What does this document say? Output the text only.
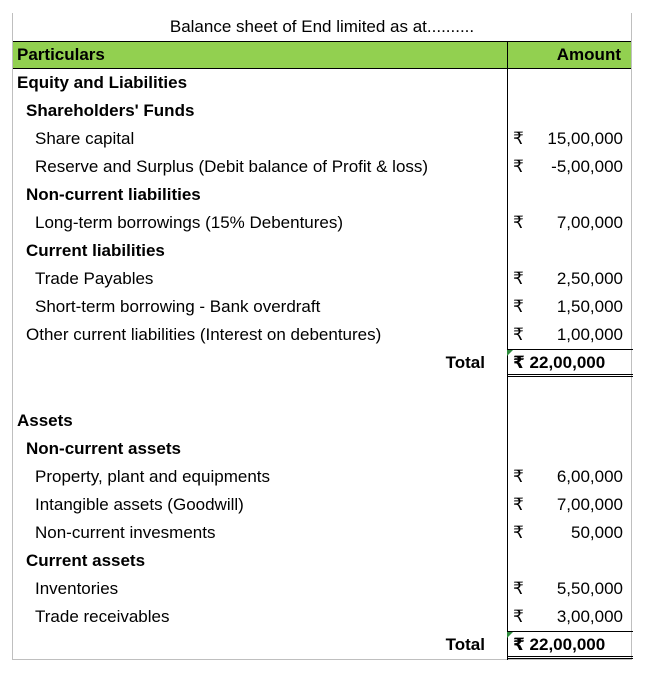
Balance sheet of End limited as at..........
Particulars	Amount
Equity and Liabilities
Shareholders' Funds
Share capital	₹ 15,00,000
Reserve and Surplus (Debit balance of Profit & loss)	₹ -5,00,000
Non-current liabilities
Long-term borrowings (15% Debentures)	₹ 7,00,000
Current liabilities
Trade Payables	₹ 2,50,000
Short-term borrowing - Bank overdraft	₹ 1,50,000
Other current liabilities (Interest on debentures)	₹ 1,00,000
Total ₹ 22,00,000
Assets
Non-current assets
Property, plant and equipments	₹ 6,00,000
Intangible assets (Goodwill)	₹ 7,00,000
Non-current invesments	₹	50,000
Current assets
Inventories	₹ 5,50,000
Trade receivables	₹ 3,00,000
Total ₹ 22,00,000
